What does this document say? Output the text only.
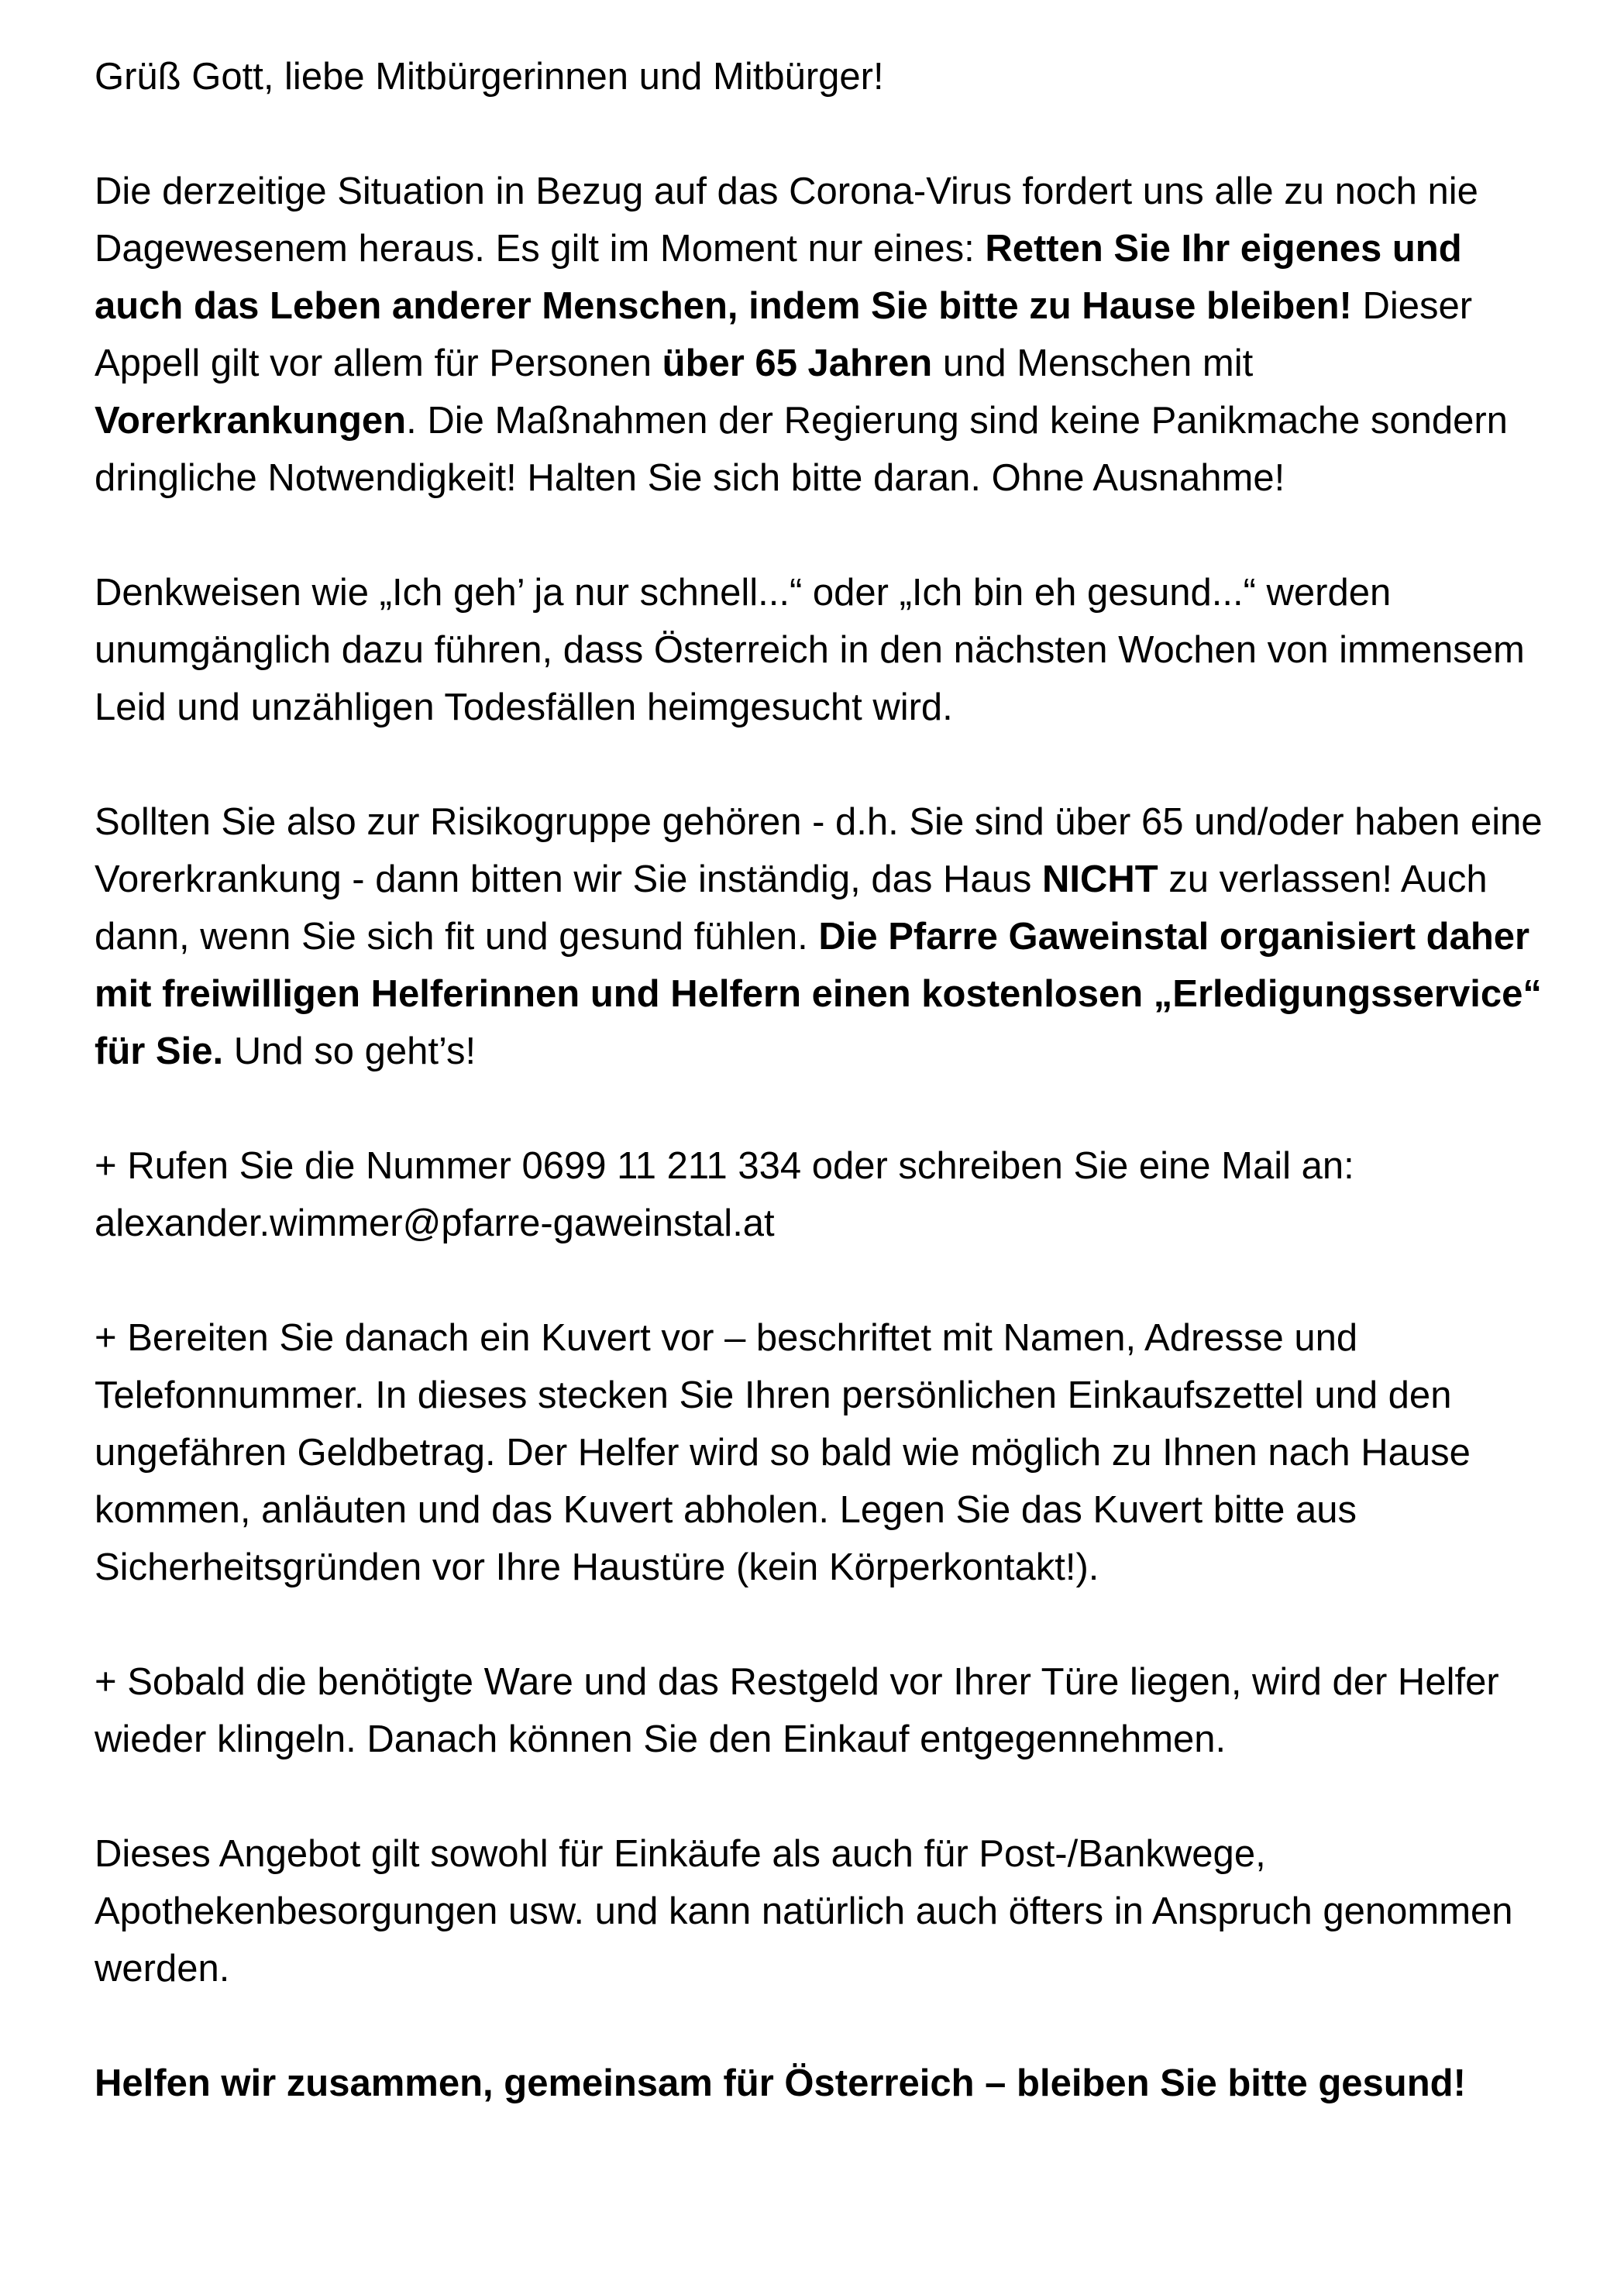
Grüß Gott, liebe Mitbürgerinnen und Mitbürger!

Die derzeitige Situation in Bezug auf das Corona-Virus fordert uns alle zu noch nie Dagewesenem heraus. Es gilt im Moment nur eines: Retten Sie Ihr eigenes und auch das Leben anderer Menschen, indem Sie bitte zu Hause bleiben! Dieser Appell gilt vor allem für Personen über 65 Jahren und Menschen mit Vorerkrankungen. Die Maßnahmen der Regierung sind keine Panikmache sondern dringliche Notwendigkeit! Halten Sie sich bitte daran. Ohne Ausnahme!

Denkweisen wie „Ich geh’ ja nur schnell...“ oder „Ich bin eh gesund...“ werden unumgänglich dazu führen, dass Österreich in den nächsten Wochen von immensem Leid und unzähligen Todesfällen heimgesucht wird.

Sollten Sie also zur Risikogruppe gehören - d.h. Sie sind über 65 und/oder haben eine Vorerkrankung - dann bitten wir Sie inständig, das Haus NICHT zu verlassen! Auch dann, wenn Sie sich fit und gesund fühlen. Die Pfarre Gaweinstal organisiert daher mit freiwilligen Helferinnen und Helfern einen kostenlosen „Erledigungsservice“ für Sie. Und so geht’s!

+ Rufen Sie die Nummer 0699 11 211 334 oder schreiben Sie eine Mail an: alexander.wimmer@pfarre-gaweinstal.at

+ Bereiten Sie danach ein Kuvert vor – beschriftet mit Namen, Adresse und Telefonnummer. In dieses stecken Sie Ihren persönlichen Einkaufszettel und den ungefähren Geldbetrag. Der Helfer wird so bald wie möglich zu Ihnen nach Hause kommen, anläuten und das Kuvert abholen. Legen Sie das Kuvert bitte aus Sicherheitsgründen vor Ihre Haustüre (kein Körperkontakt!).

+ Sobald die benötigte Ware und das Restgeld vor Ihrer Türe liegen, wird der Helfer wieder klingeln. Danach können Sie den Einkauf entgegennehmen.

Dieses Angebot gilt sowohl für Einkäufe als auch für Post-/Bankwege, Apothekenbesorgungen usw. und kann natürlich auch öfters in Anspruch genommen werden.

Helfen wir zusammen, gemeinsam für Österreich – bleiben Sie bitte gesund!
